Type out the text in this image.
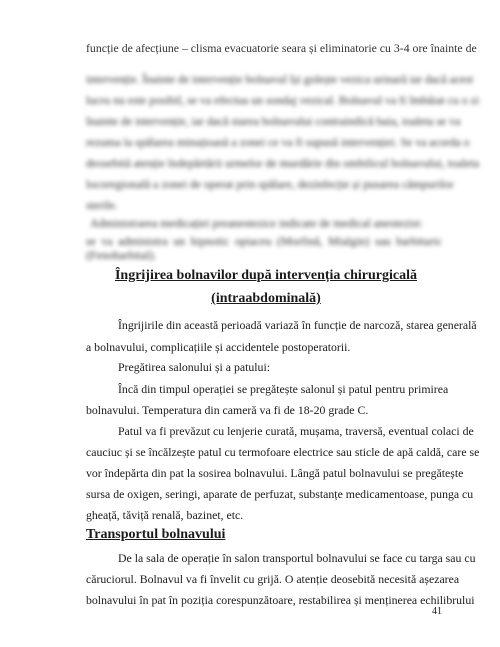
funcție de afecțiune – clisma evacuatorie seara și eliminatorie cu 3-4 ore înainte de
intervenție. Înainte de intervenție bolnavul își golește vezica urinară iar dacă acest
lucru nu este posibil, se va efectua un sondaj vezical. Bolnavul va fi îmbăiat cu o zi
înainte de intervenție, iar dacă starea bolnavului contraindică baia, toaleta se va
rezuma la spălarea minuțioasă a zonei ce va fi supusă intervenției. Se va acorda o
deosebită atenție îndepărtării urmelor de murdărie din ombilicul bolnavului, toaleta
locoregională a zonei de operat prin spălare, dezinfecție și pusarea câmpurilor
sterile.
Administrarea medicației preanestezice indicate de medical anestezist:
se va administra un hipnotic opiaceu (Morfină, Mialgin) sau barbituric
(Fenobarbital).
Îngrijirea bolnavilor după intervenția chirurgicală
(intraabdominală)
Îngrijirile din această perioadă variază în funcție de narcoză, starea generală
a bolnavului, complicațiile și accidentele postoperatorii.
Pregătirea salonului și a patului:
Încă din timpul operației se pregătește salonul și patul pentru primirea
bolnavului. Temperatura din cameră va fi de 18-20 grade C.
Patul va fi prevăzut cu lenjerie curată, mușama, traversă, eventual colaci de
cauciuc și se încălzește patul cu termofoare electrice sau sticle de apă caldă, care se
vor îndepărta din pat la sosirea bolnavului. Lângă patul bolnavului se pregătește
sursa de oxigen, seringi, aparate de perfuzat, substanțe medicamentoase, punga cu
gheață, tăviță renală, bazinet, etc.
Transportul bolnavului
De la sala de operație în salon transportul bolnavului se face cu targa sau cu
căruciorul. Bolnavul va fi învelit cu grijă. O atenție deosebită necesită așezarea
bolnavului în pat în poziția corespunzătoare, restabilirea și menținerea echilibrului
41
